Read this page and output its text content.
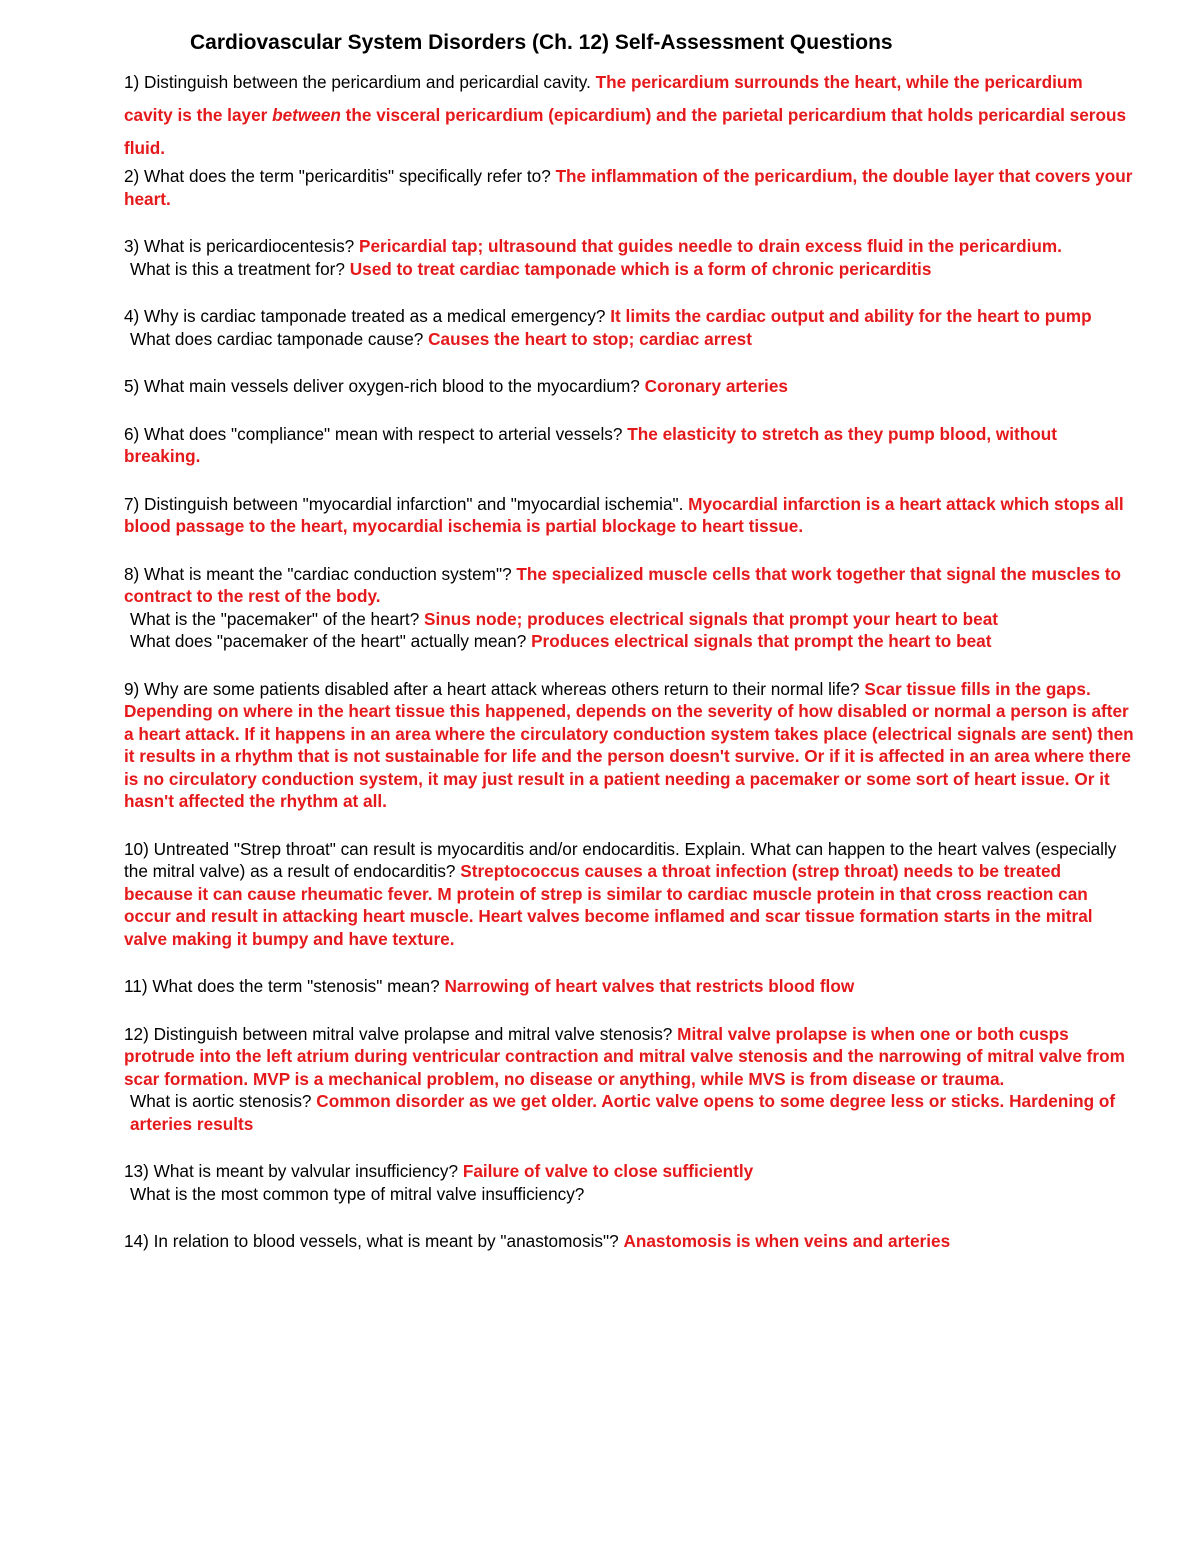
Cardiovascular System Disorders (Ch. 12) Self-Assessment Questions

1) Distinguish between the pericardium and pericardial cavity. The pericardium surrounds the heart, while the pericardium cavity is the layer between the visceral pericardium (epicardium) and the parietal pericardium that holds pericardial serous fluid.

2) What does the term "pericarditis" specifically refer to? The inflammation of the pericardium, the double layer that covers your heart.

3) What is pericardiocentesis? Pericardial tap; ultrasound that guides needle to drain excess fluid in the pericardium.

What is this a treatment for? Used to treat cardiac tamponade which is a form of chronic pericarditis

4) Why is cardiac tamponade treated as a medical emergency? It limits the cardiac output and ability for the heart to pump

What does cardiac tamponade cause? Causes the heart to stop; cardiac arrest

5) What main vessels deliver oxygen-rich blood to the myocardium? Coronary arteries

6) What does "compliance" mean with respect to arterial vessels? The elasticity to stretch as they pump blood, without breaking.

7) Distinguish between "myocardial infarction" and "myocardial ischemia". Myocardial infarction is a heart attack which stops all blood passage to the heart, myocardial ischemia is partial blockage to heart tissue.

8) What is meant the "cardiac conduction system"? The specialized muscle cells that work together that signal the muscles to contract to the rest of the body.

What is the "pacemaker" of the heart? Sinus node; produces electrical signals that prompt your heart to beat

What does "pacemaker of the heart" actually mean? Produces electrical signals that prompt the heart to beat

9) Why are some patients disabled after a heart attack whereas others return to their normal life? Scar tissue fills in the gaps. Depending on where in the heart tissue this happened, depends on the severity of how disabled or normal a person is after a heart attack. If it happens in an area where the circulatory conduction system takes place (electrical signals are sent) then it results in a rhythm that is not sustainable for life and the person doesn't survive. Or if it is affected in an area where there is no circulatory conduction system, it may just result in a patient needing a pacemaker or some sort of heart issue. Or it hasn't affected the rhythm at all.

10) Untreated "Strep throat" can result is myocarditis and/or endocarditis. Explain. What can happen to the heart valves (especially the mitral valve) as a result of endocarditis? Streptococcus causes a throat infection (strep throat) needs to be treated because it can cause rheumatic fever. M protein of strep is similar to cardiac muscle protein in that cross reaction can occur and result in attacking heart muscle. Heart valves become inflamed and scar tissue formation starts in the mitral valve making it bumpy and have texture.

11) What does the term "stenosis" mean? Narrowing of heart valves that restricts blood flow

12) Distinguish between mitral valve prolapse and mitral valve stenosis? Mitral valve prolapse is when one or both cusps protrude into the left atrium during ventricular contraction and mitral valve stenosis and the narrowing of mitral valve from scar formation. MVP is a mechanical problem, no disease or anything, while MVS is from disease or trauma.

What is aortic stenosis? Common disorder as we get older. Aortic valve opens to some degree less or sticks. Hardening of arteries results

13) What is meant by valvular insufficiency? Failure of valve to close sufficiently

What is the most common type of mitral valve insufficiency?

14) In relation to blood vessels, what is meant by "anastomosis"? Anastomosis is when veins and arteries
